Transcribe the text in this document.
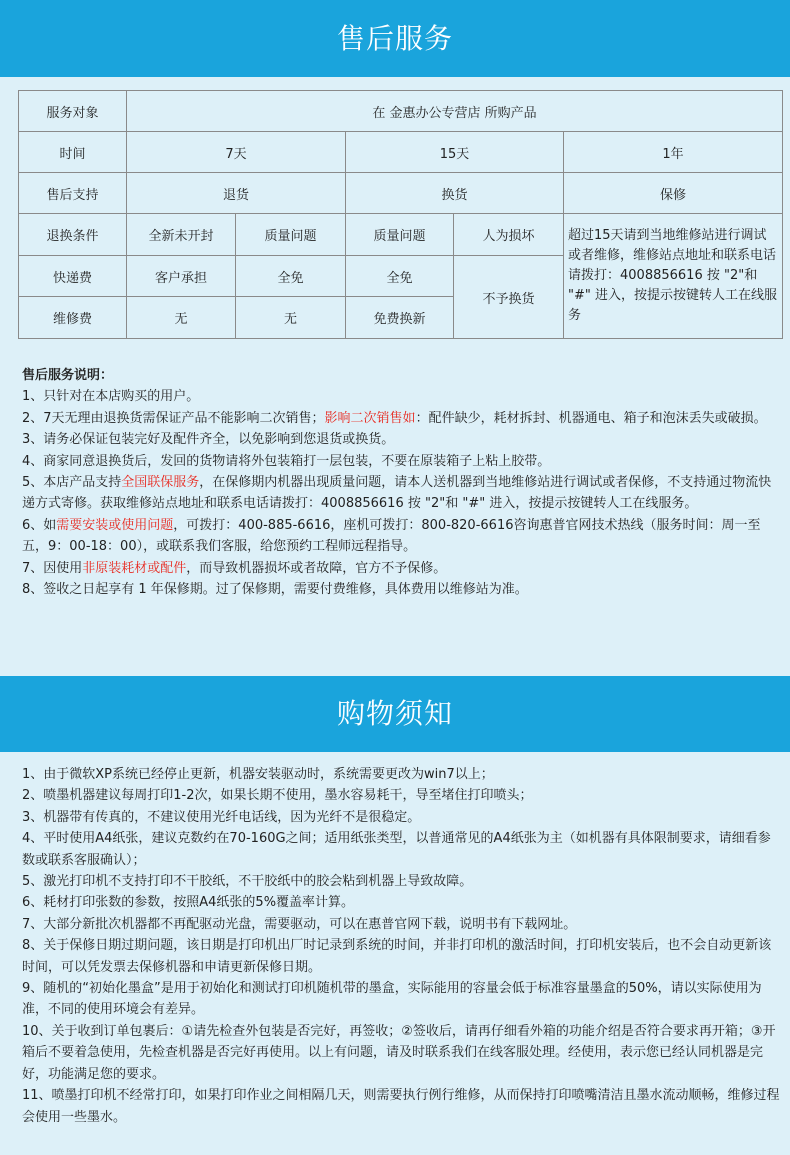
售后服务
服务对象	在 金惠办公专营店 所购产品				
时间	7天		15天		1年
售后支持	退货		换货		保修
退换条件	全新未开封	质量问题	质量问题	人为损坏	超过15天请到当地维修站进行调试或者维修，维修站点地址和联系电话请拨打：4008856616 按 "2"和 "#" 进入，按提示按键转人工在线服务
快递费	客户承担	全免	全免	不予换货	
维修费	无	无	免费换新		
售后服务说明：
1、只针对在本店购买的用户。
2、7天无理由退换货需保证产品不能影响二次销售；影响二次销售如：配件缺少，耗材拆封、机器通电、箱子和泡沫丢失或破损。
3、请务必保证包装完好及配件齐全，以免影响到您退货或换货。
4、商家同意退换货后，发回的货物请将外包装箱打一层包装，不要在原装箱子上粘上胶带。
5、本店产品支持全国联保服务，在保修期内机器出现质量问题，请本人送机器到当地维修站进行调试或者保修，不支持通过物流快递方式寄修。获取维修站点地址和联系电话请拨打：4008856616 按 "2"和 "#" 进入，按提示按键转人工在线服务。
6、如需要安装或使用问题，可拨打：400-885-6616，座机可拨打：800-820-6616咨询惠普官网技术热线（服务时间：周一至五，9：00-18：00），或联系我们客服，给您预约工程师远程指导。
7、因使用非原装耗材或配件，而导致机器损坏或者故障，官方不予保修。
8、签收之日起享有 1 年保修期。过了保修期，需要付费维修，具体费用以维修站为准。
购物须知
1、由于微软XP系统已经停止更新，机器安装驱动时，系统需要更改为win7以上；
2、喷墨机器建议每周打印1-2次，如果长期不使用，墨水容易耗干，导至堵住打印喷头；
3、机器带有传真的，不建议使用光纤电话线，因为光纤不是很稳定。
4、平时使用A4纸张，建议克数约在70-160G之间；适用纸张类型，以普通常见的A4纸张为主（如机器有具体限制要求，请细看参数或联系客服确认）；
5、激光打印机不支持打印不干胶纸，不干胶纸中的胶会粘到机器上导致故障。
6、耗材打印张数的参数，按照A4纸张的5%覆盖率计算。
7、大部分新批次机器都不再配驱动光盘，需要驱动，可以在惠普官网下载，说明书有下载网址。
8、关于保修日期过期问题，该日期是打印机出厂时记录到系统的时间，并非打印机的激活时间，打印机安装后，也不会自动更新该时间，可以凭发票去保修机器和申请更新保修日期。
9、随机的“初始化墨盒”是用于初始化和测试打印机随机带的墨盒，实际能用的容量会低于标准容量墨盒的50%，请以实际使用为准，不同的使用环境会有差异。
10、关于收到订单包裹后：①请先检查外包装是否完好，再签收；②签收后，请再仔细看外箱的功能介绍是否符合要求再开箱；③开箱后不要着急使用，先检查机器是否完好再使用。以上有问题，请及时联系我们在线客服处理。经使用，表示您已经认同机器是完好，功能满足您的要求。
11、喷墨打印机不经常打印，如果打印作业之间相隔几天，则需要执行例行维修，从而保持打印喷嘴清洁且墨水流动顺畅，维修过程会使用一些墨水。
